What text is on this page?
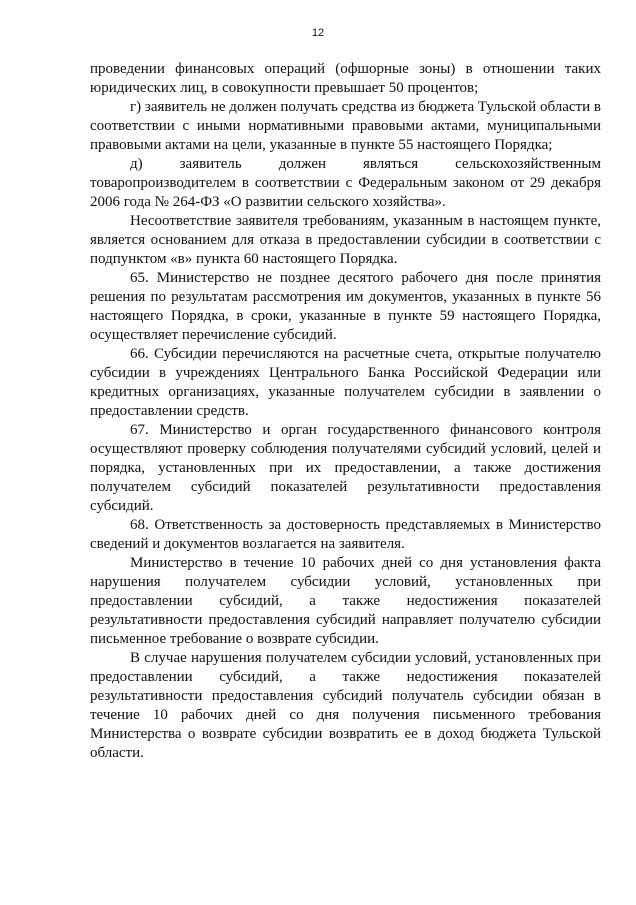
12

проведении финансовых операций (офшорные зоны) в отношении таких юридических лиц, в совокупности превышает 50 процентов;

г) заявитель не должен получать средства из бюджета Тульской области в соответствии с иными нормативными правовыми актами, муниципальными правовыми актами на цели, указанные в пункте 55 настоящего Порядка;

д) заявитель должен являться сельскохозяйственным товаропроизводителем в соответствии с Федеральным законом от 29 декабря 2006 года № 264-ФЗ «О развитии сельского хозяйства».

Несоответствие заявителя требованиям, указанным в настоящем пункте, является основанием для отказа в предоставлении субсидии в соответствии с подпунктом «в» пункта 60 настоящего Порядка.

65. Министерство не позднее десятого рабочего дня после принятия решения по результатам рассмотрения им документов, указанных в пункте 56 настоящего Порядка, в сроки, указанные в пункте 59 настоящего Порядка, осуществляет перечисление субсидий.

66. Субсидии перечисляются на расчетные счета, открытые получателю субсидии в учреждениях Центрального Банка Российской Федерации или кредитных организациях, указанные получателем субсидии в заявлении о предоставлении средств.

67. Министерство и орган государственного финансового контроля осуществляют проверку соблюдения получателями субсидий условий, целей и порядка, установленных при их предоставлении, а также достижения получателем субсидий показателей результативности предоставления субсидий.

68. Ответственность за достоверность представляемых в Министерство сведений и документов возлагается на заявителя.

Министерство в течение 10 рабочих дней со дня установления факта нарушения получателем субсидии условий, установленных при предоставлении субсидий, а также недостижения показателей результативности предоставления субсидий направляет получателю субсидии письменное требование о возврате субсидии.

В случае нарушения получателем субсидии условий, установленных при предоставлении субсидий, а также недостижения показателей результативности предоставления субсидий получатель субсидии обязан в течение 10 рабочих дней со дня получения письменного требования Министерства о возврате субсидии возвратить ее в доход бюджета Тульской области.
